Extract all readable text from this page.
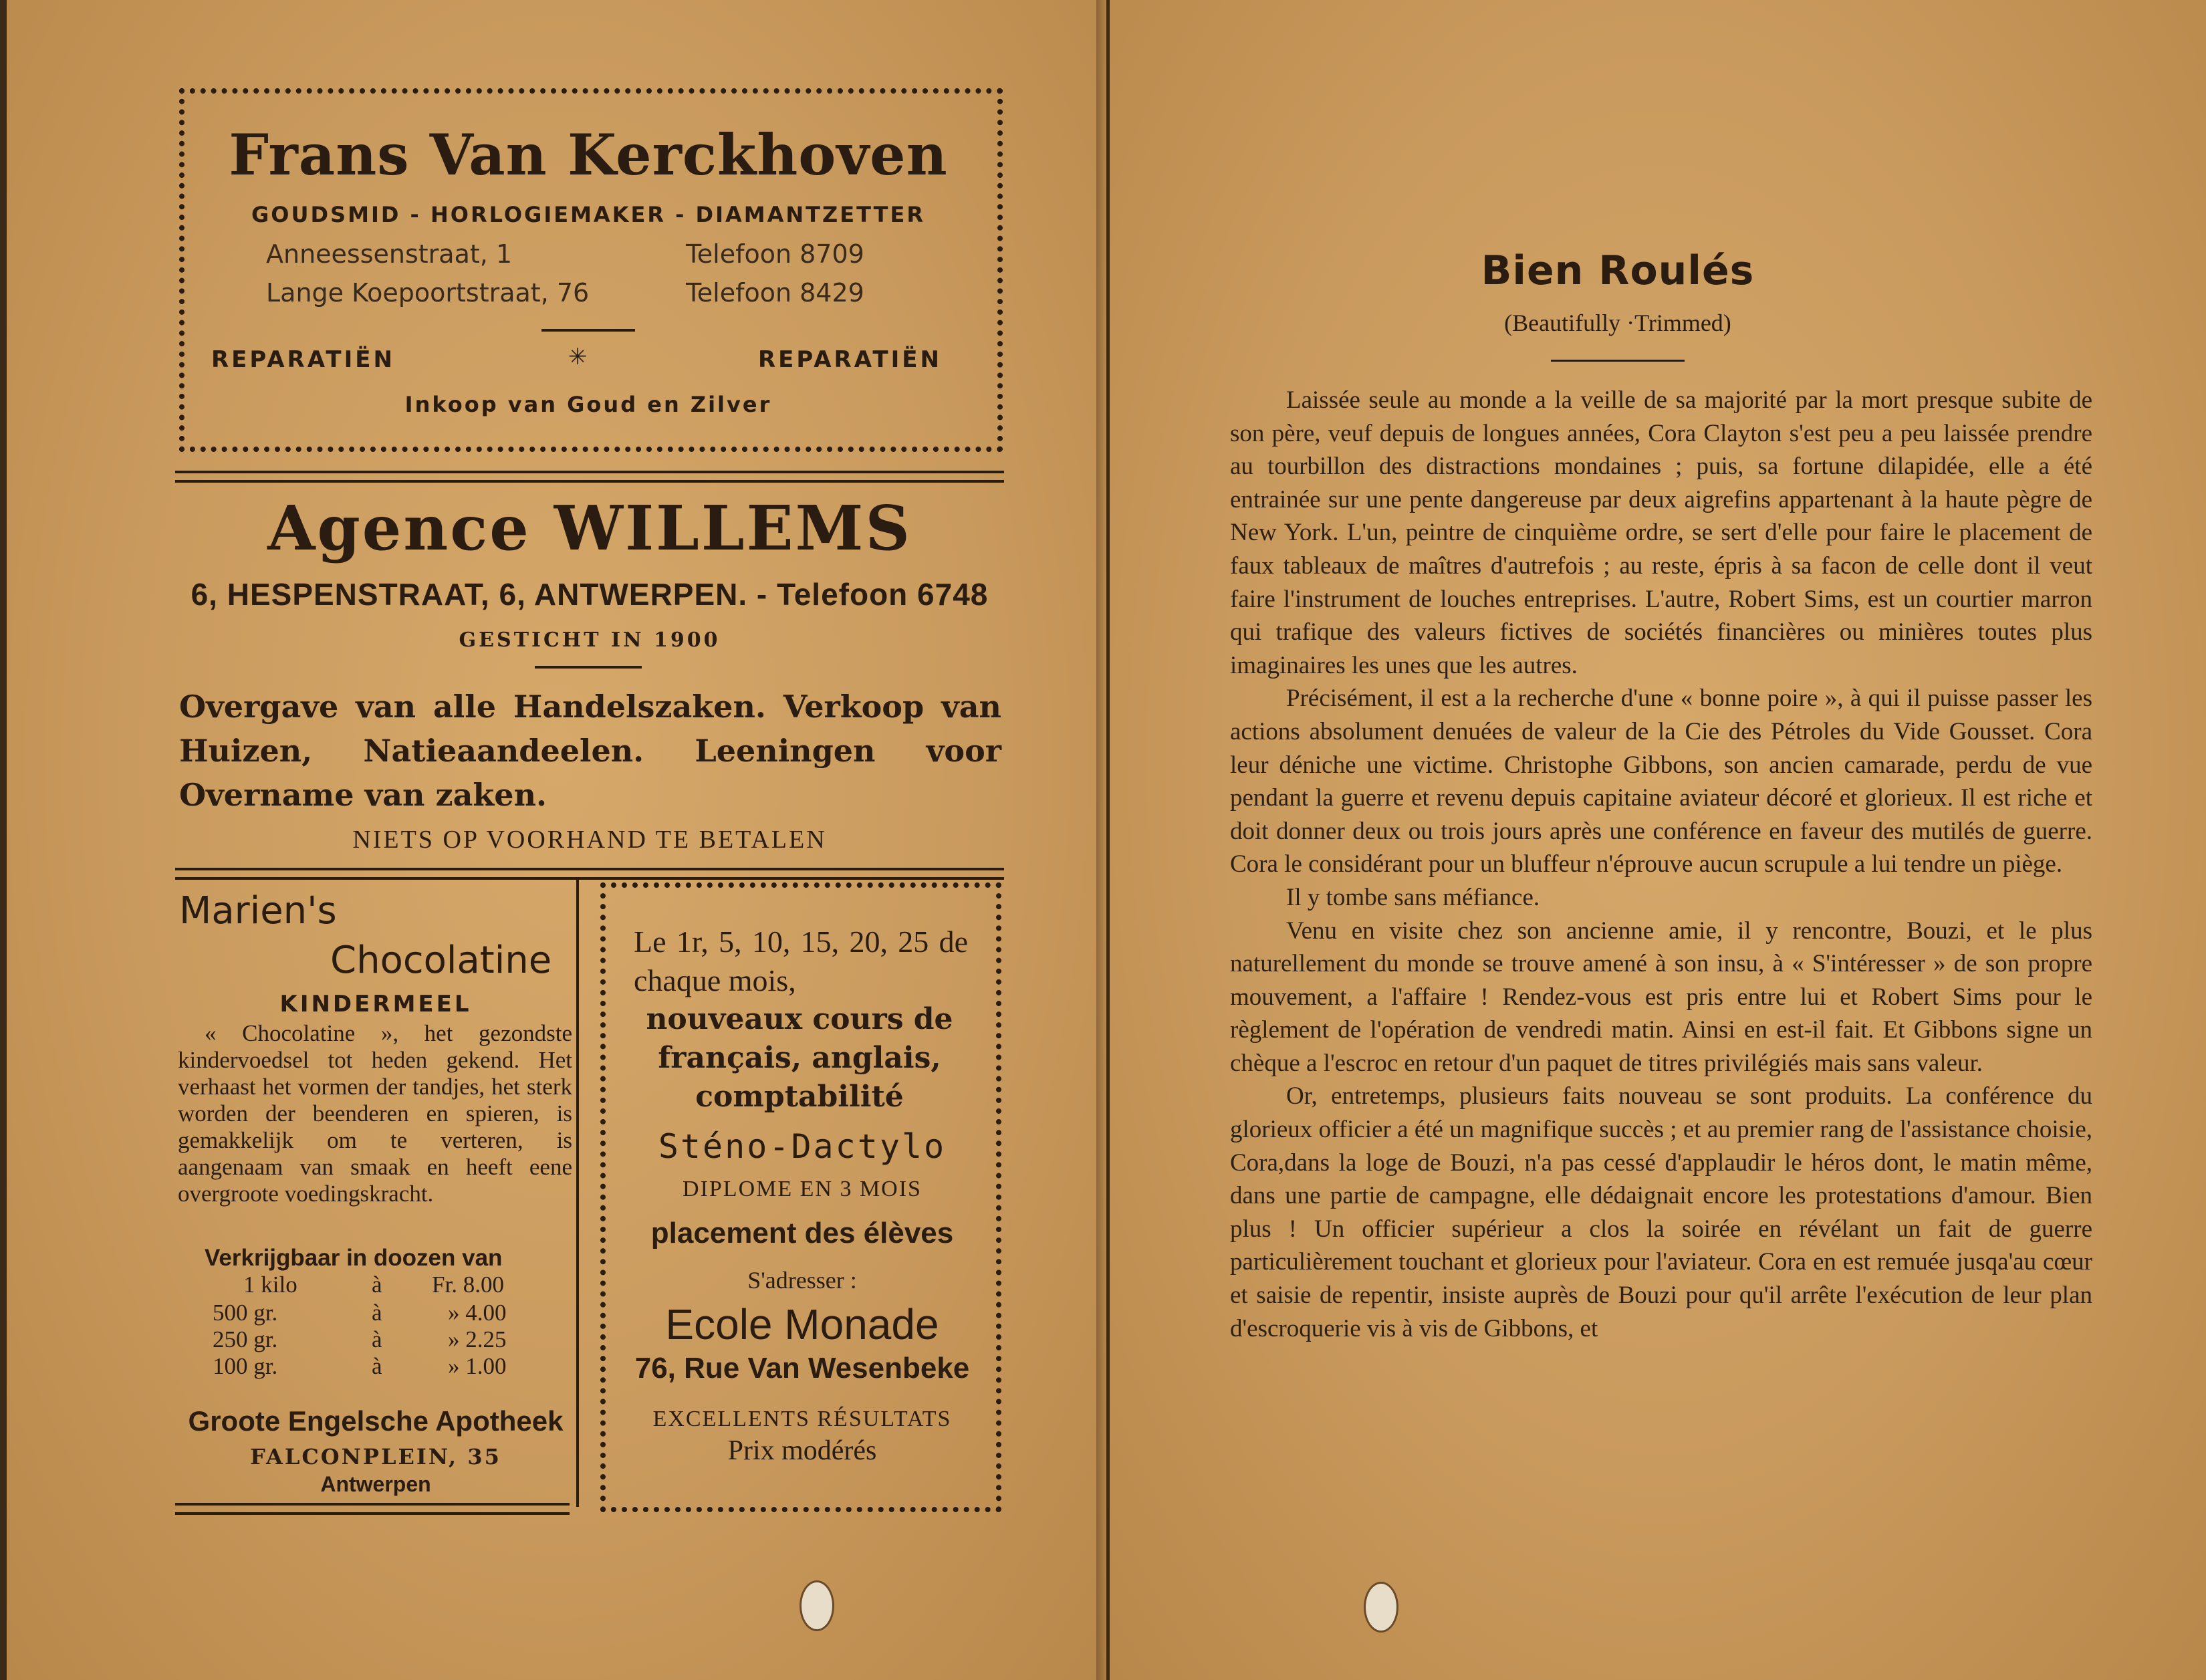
Frans Van Kerckhoven
GOUDSMID - HORLOGIEMAKER - DIAMANTZETTER
Anneessenstraat, 1	Telefoon 8709
Lange Koepoortstraat, 76	Telefoon 8429
REPARATIËN	✳	REPARATIËN
Inkoop van Goud en Zilver
Agence WILLEMS
6, HESPENSTRAAT, 6, ANTWERPEN. - Telefoon 6748
GESTICHT IN 1900
Overgave van alle Handelszaken. Verkoop van Huizen, Natieaandeelen. Leeningen voor Overname van zaken.
NIETS OP VOORHAND TE BETALEN
Marien's
Chocolatine
KINDERMEEL
« Chocolatine », het gezondste kindervoedsel tot heden gekend. Het verhaast het vormen der tandjes, het sterk worden der beenderen en spieren, is gemakkelijk om te verteren, is aangenaam van smaak en heeft eene overgroote voedingskracht.
Verkrijgbaar in doozen van
1 kilo	à Fr. 8.00
500 gr.	à	» 4.00
250 gr.	à	» 2.25
100 gr.	à	» 1.00
Groote Engelsche Apotheek
FALCONPLEIN, 35
Antwerpen
Le 1r, 5, 10, 15, 20, 25 de chaque mois,
nouveaux cours de français, anglais, comptabilité
Sténo-Dactylo
DIPLOME EN 3 MOIS
placement des élèves
S'adresser :
Ecole Monade
76, Rue Van Wesenbeke
EXCELLENTS RÉSULTATS
Prix modérés
Bien Roulés
(Beautifully ·Trimmed)

Laissée seule au monde a la veille de sa majorité par la mort presque subite de son père, veuf depuis de longues années, Cora Clayton s'est peu a peu laissée prendre au tourbillon des distractions mondaines ; puis, sa fortune dilapidée, elle a été entrainée sur une pente dangereuse par deux aigrefins appartenant à la haute pègre de New York. L'un, peintre de cinquième ordre, se sert d'elle pour faire le placement de faux tableaux de maîtres d'autrefois ; au reste, épris à sa facon de celle dont il veut faire l'instrument de louches entreprises. L'autre, Robert Sims, est un courtier marron qui trafique des valeurs fictives de sociétés financières ou minières toutes plus imaginaires les unes que les autres.

Précisément, il est a la recherche d'une « bonne poire », à qui il puisse passer les actions absolument denuées de valeur de la Cie des Pétroles du Vide Gousset. Cora leur déniche une victime. Christophe Gibbons, son ancien camarade, perdu de vue pendant la guerre et revenu depuis capitaine aviateur décoré et glorieux. Il est riche et doit donner deux ou trois jours après une conférence en faveur des mutilés de guerre. Cora le considérant pour un bluffeur n'éprouve aucun scrupule a lui tendre un piège.

Il y tombe sans méfiance.

Venu en visite chez son ancienne amie, il y rencontre, Bouzi, et le plus naturellement du monde se trouve amené à son insu, à « S'intéresser » de son propre mouvement, a l'affaire ! Rendez-vous est pris entre lui et Robert Sims pour le règlement de l'opération de vendredi matin. Ainsi en est-il fait. Et Gibbons signe un chèque a l'escroc en retour d'un paquet de titres privilégiés mais sans valeur.

Or, entretemps, plusieurs faits nouveau se sont produits. La conférence du glorieux officier a été un magnifique succès ; et au premier rang de l'assistance choisie, Cora,dans la loge de Bouzi, n'a pas cessé d'applaudir le héros dont, le matin même, dans une partie de campagne, elle dédaignait encore les protestations d'amour. Bien plus ! Un officier supérieur a clos la soirée en révélant un fait de guerre particulièrement touchant et glorieux pour l'aviateur. Cora en est remuée jusqa'au cœur et saisie de repentir, insiste auprès de Bouzi pour qu'il arrête l'exécution de leur plan d'escroquerie vis à vis de Gibbons, et
